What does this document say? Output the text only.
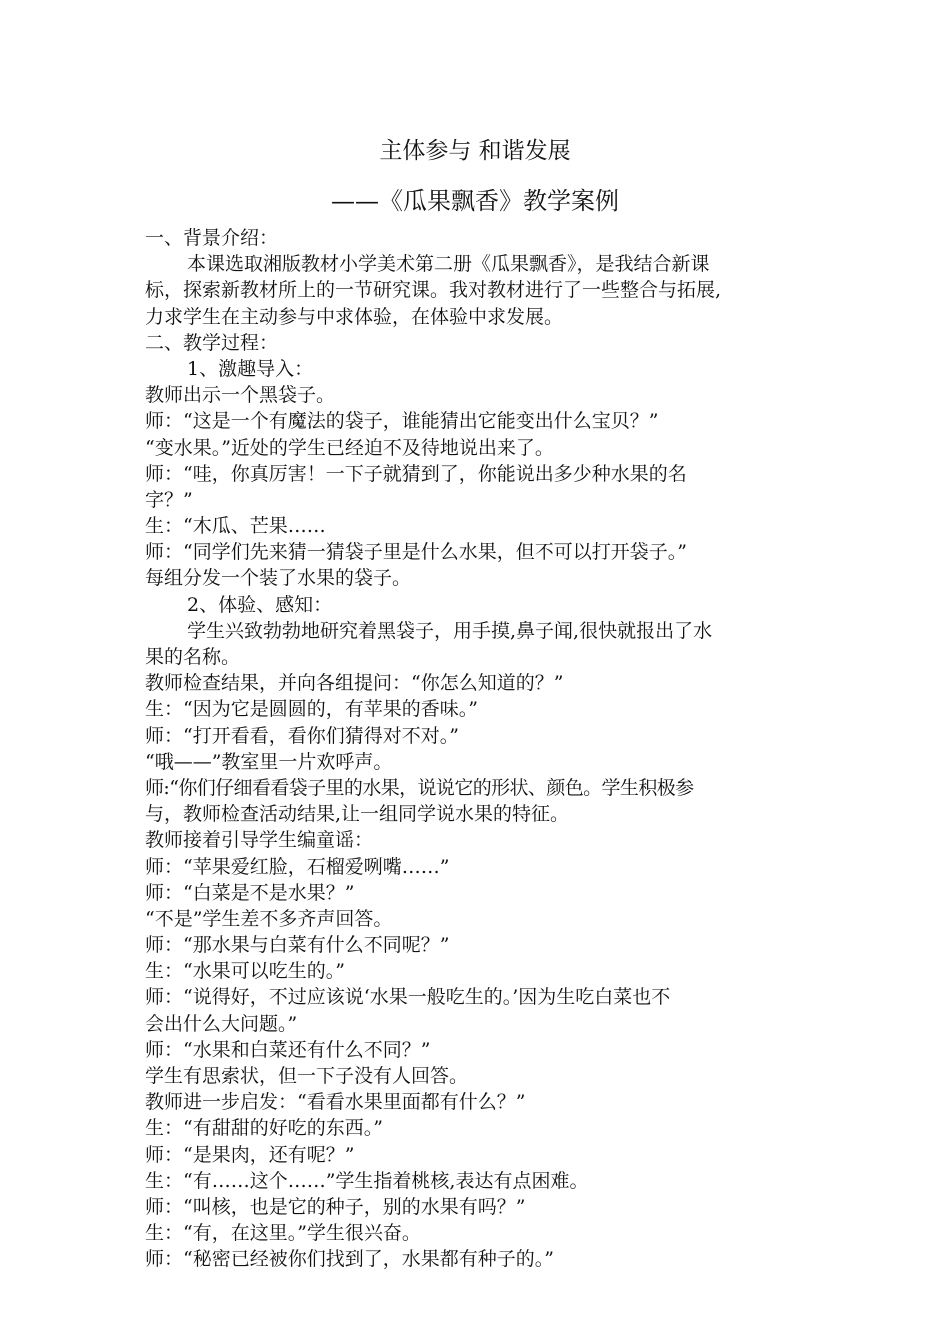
主体参与 和谐发展
——《瓜果飘香》教学案例
一、背景介绍：
本课选取湘版教材小学美术第二册《瓜果飘香》，是我结合新课
标，探索新教材所上的一节研究课。我对教材进行了一些整合与拓展,
力求学生在主动参与中求体验，在体验中求发展。
二、教学过程：
1、激趣导入：
教师出示一个黑袋子。
师：“这是一个有魔法的袋子，谁能猜出它能变出什么宝贝？”
“变水果。”近处的学生已经迫不及待地说出来了。
师：“哇，你真厉害！一下子就猜到了，你能说出多少种水果的名
字？”
生：“木瓜、芒果……
师：“同学们先来猜一猜袋子里是什么水果，但不可以打开袋子。”
每组分发一个装了水果的袋子。
2、体验、感知：
学生兴致勃勃地研究着黑袋子，用手摸,鼻子闻,很快就报出了水
果的名称。
教师检查结果，并向各组提问：“你怎么知道的？”
生：“因为它是圆圆的，有苹果的香味。”
师：“打开看看，看你们猜得对不对。”
“哦——”教室里一片欢呼声。
师:“你们仔细看看袋子里的水果，说说它的形状、颜色。学生积极参
与，教师检查活动结果,让一组同学说水果的特征。
教师接着引导学生编童谣：
师：“苹果爱红脸，石榴爱咧嘴……”
师：“白菜是不是水果？”
“不是”学生差不多齐声回答。
师：“那水果与白菜有什么不同呢？”
生：“水果可以吃生的。”
师：“说得好，不过应该说‘水果一般吃生的。’因为生吃白菜也不
会出什么大问题。”
师：“水果和白菜还有什么不同？”
学生有思索状，但一下子没有人回答。
教师进一步启发：“看看水果里面都有什么？”
生：“有甜甜的好吃的东西。”
师：“是果肉，还有呢？”
生：“有……这个……”学生指着桃核,表达有点困难。
师：“叫核，也是它的种子，别的水果有吗？”
生：“有，在这里。”学生很兴奋。
师：“秘密已经被你们找到了，水果都有种子的。”
